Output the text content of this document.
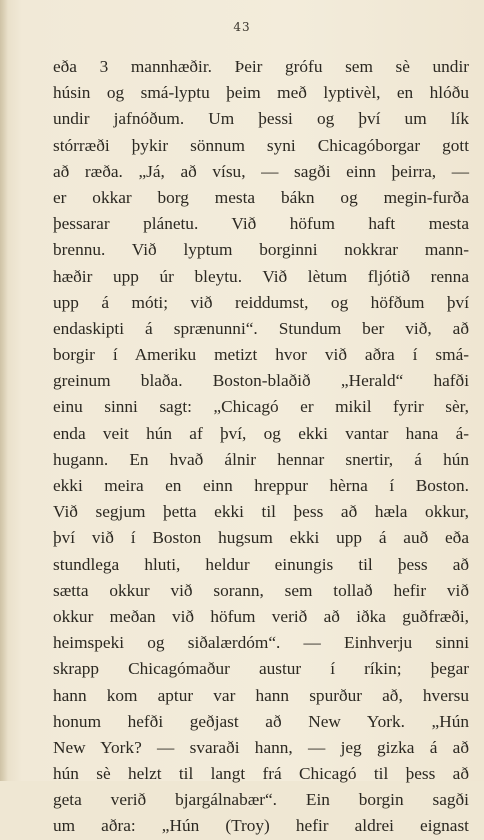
43
eða 3 mannhæðir. Þeir grófu sem sè undir
húsin og smá-lyptu þeim með lyptivèl, en hlóðu
undir jafnóðum. Um þessi og því um lík
stórræði þykir sönnum syni Chicagóborgar gott
að ræða. „Já, að vísu, — sagði einn þeirra, —
er okkar borg mesta bákn og megin-furða
þessarar plánetu. Við höfum haft mesta
brennu. Við lyptum borginni nokkrar mann-
hæðir upp úr bleytu. Við lètum fljótið renna
upp á móti; við reiddumst, og höfðum því
endaskipti á sprænunni“. Stundum ber við, að
borgir í Ameriku metizt hvor við aðra í smá-
greinum blaða. Boston-blaðið „Herald“ hafði
einu sinni sagt: „Chicagó er mikil fyrir sèr,
enda veit hún af því, og ekki vantar hana á-
hugann. En hvað álnir hennar snertir, á hún
ekki meira en einn hreppur hèrna í Boston.
Við segjum þetta ekki til þess að hæla okkur,
því við í Boston hugsum ekki upp á auð eða
stundlega hluti, heldur einungis til þess að
sætta okkur við sorann, sem tollað hefir við
okkur meðan við höfum verið að iðka guðfræði,
heimspeki og siðalærdóm“. — Einhverju sinni
skrapp Chicagómaður austur í ríkin; þegar
hann kom aptur var hann spurður að, hversu
honum hefði geðjast að New York. „Hún
New York? — svaraði hann, — jeg gizka á að
hún sè helzt til langt frá Chicagó til þess að
geta verið bjargálnabær“. Ein borgin sagði
um aðra: „Hún (Troy) hefir aldrei eignast
